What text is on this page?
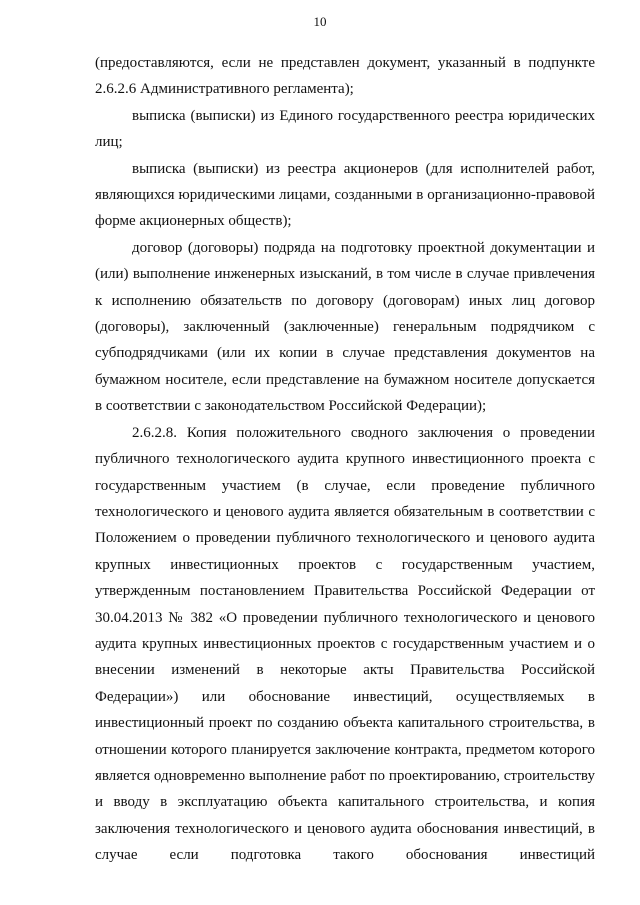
10

(предоставляются, если не представлен документ, указанный в подпункте 2.6.2.6 Административного регламента);

выписка (выписки) из Единого государственного реестра юридических лиц;

выписка (выписки) из реестра акционеров (для исполнителей работ, являющихся юридическими лицами, созданными в организационно-правовой форме акционерных обществ);

договор (договоры) подряда на подготовку проектной документации и (или) выполнение инженерных изысканий, в том числе в случае привлечения к исполнению обязательств по договору (договорам) иных лиц договор (договоры), заключенный (заключенные) генеральным подрядчиком с субподрядчиками (или их копии в случае представления документов на бумажном носителе, если представление на бумажном носителе допускается в соответствии с законодательством Российской Федерации);

2.6.2.8. Копия положительного сводного заключения о проведении публичного технологического аудита крупного инвестиционного проекта с государственным участием (в случае, если проведение публичного технологического и ценового аудита является обязательным в соответствии с Положением о проведении публичного технологического и ценового аудита крупных инвестиционных проектов с государственным участием, утвержденным постановлением Правительства Российской Федерации от 30.04.2013 № 382 «О проведении публичного технологического и ценового аудита крупных инвестиционных проектов с государственным участием и о внесении изменений в некоторые акты Правительства Российской Федерации») или обоснование инвестиций, осуществляемых в инвестиционный проект по созданию объекта капитального строительства, в отношении которого планируется заключение контракта, предметом которого является одновременно выполнение работ по проектированию, строительству и вводу в эксплуатацию объекта капитального строительства, и копия заключения технологического и ценового аудита обоснования инвестиций, в случае если подготовка такого обоснования инвестиций
